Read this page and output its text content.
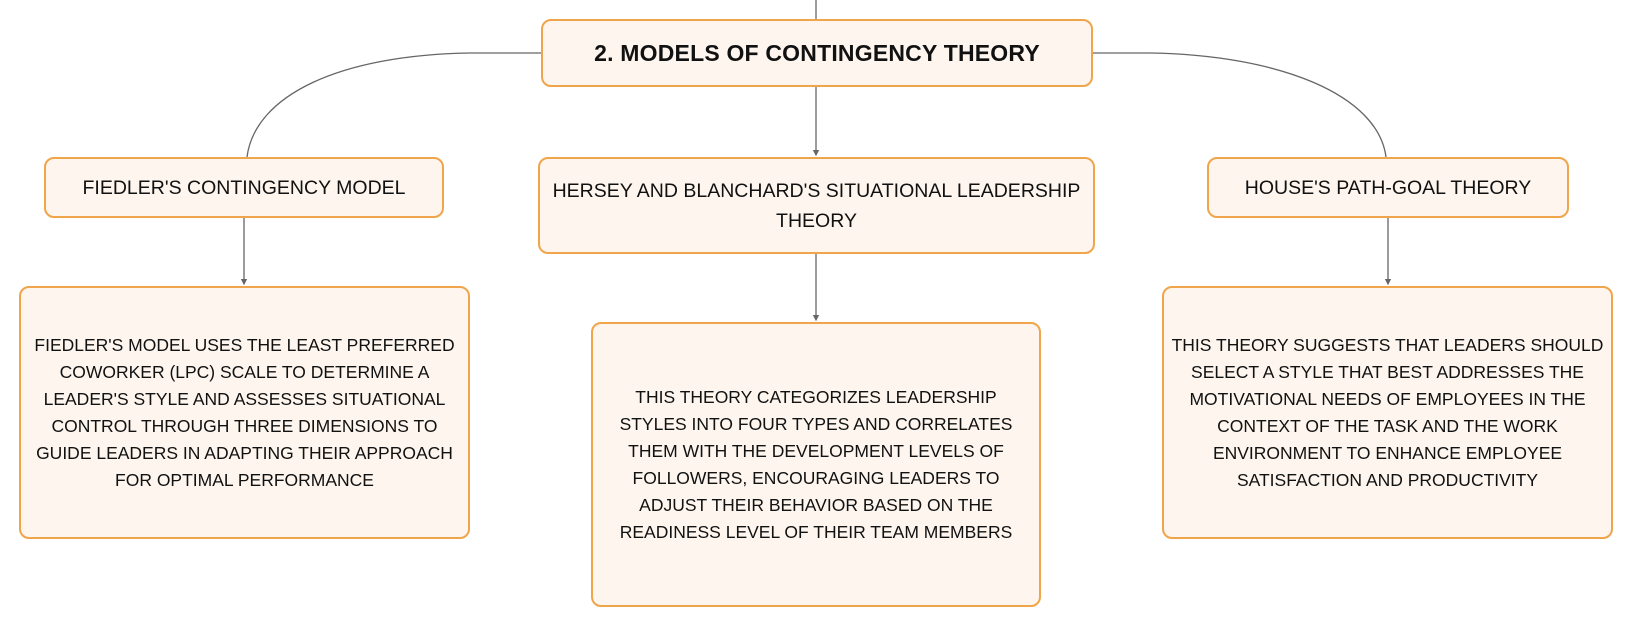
2. MODELS OF CONTINGENCY THEORY
FIEDLER'S CONTINGENCY MODEL	HERSEY AND BLANCHARD'S SITUATIONAL LEADERSHIP THEORY
HOUSE'S PATH-GOAL THEORY
FIEDLER'S MODEL USES THE LEAST PREFERRED COWORKER (LPC) SCALE TO DETERMINE A LEADER'S STYLE AND ASSESSES SITUATIONAL CONTROL THROUGH THREE DIMENSIONS TO GUIDE LEADERS IN ADAPTING THEIR APPROACH FOR OPTIMAL PERFORMANCE
THIS THEORY CATEGORIZES LEADERSHIP STYLES INTO FOUR TYPES AND CORRELATES THEM WITH THE DEVELOPMENT LEVELS OF FOLLOWERS, ENCOURAGING LEADERS TO ADJUST THEIR BEHAVIOR BASED ON THE READINESS LEVEL OF THEIR TEAM MEMBERS
THIS THEORY SUGGESTS THAT LEADERS SHOULD SELECT A STYLE THAT BEST ADDRESSES THE MOTIVATIONAL NEEDS OF EMPLOYEES IN THE CONTEXT OF THE TASK AND THE WORK ENVIRONMENT TO ENHANCE EMPLOYEE SATISFACTION AND PRODUCTIVITY
